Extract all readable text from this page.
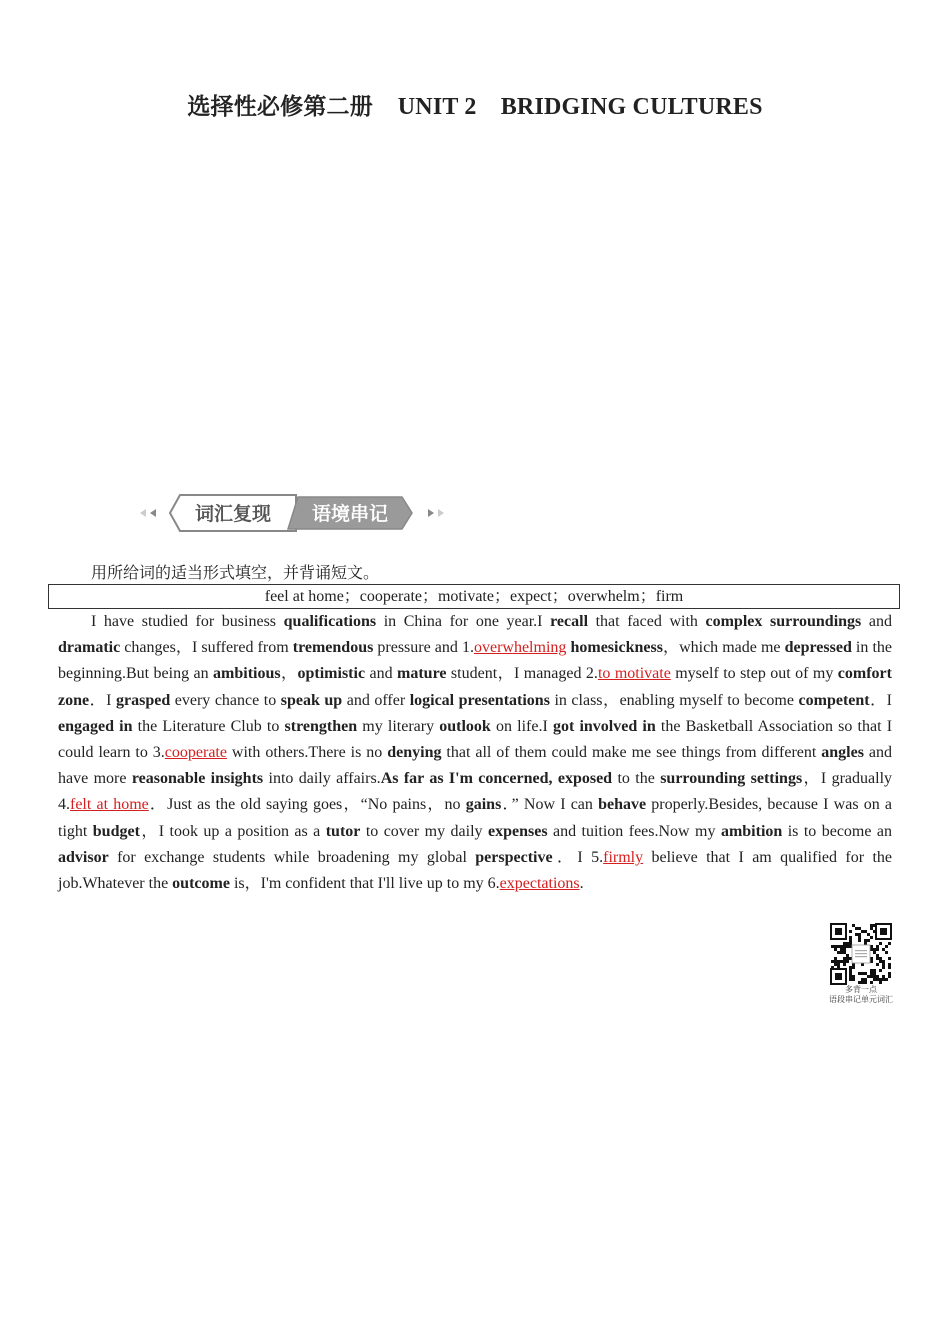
选择性必修第二册 UNIT 2　BRIDGING CULTURES
词汇复现 语境串记
用所给词的适当形式填空，并背诵短文。
feel at home；cooperate；motivate；expect；overwhelm；firm

I have studied for business qualifications in China for one year.I recall that faced with complex surroundings and dramatic changes，I suffered from tremendous pressure and 1.overwhelming homesickness，which made me depressed in the beginning.But being an ambitious，optimistic and mature student，I managed 2.to motivate myself to step out of my comfort zone．I grasped every chance to speak up and offer logical presentations in class，enabling myself to become competent．I engaged in the Literature Club to strengthen my literary outlook on life.I got involved in the Basketball Association so that I could learn to 3.cooperate with others.There is no denying that all of them could make me see things from different angles and have more reasonable insights into daily affairs.As far as I'm concerned, exposed to the surrounding settings，I gradually 4.felt at home．Just as the old saying goes，“No pains，no gains．” Now I can behave properly.Besides, because I was on a tight budget，I took up a position as a tutor to cover my daily expenses and tuition fees.Now my ambition is to become an advisor for exchange students while broadening my global perspective．I 5.firmly believe that I am qualified for the job.Whatever the outcome is，I'm confident that I'll live up to my 6.expectations.

多背一点
语段串记单元词汇
